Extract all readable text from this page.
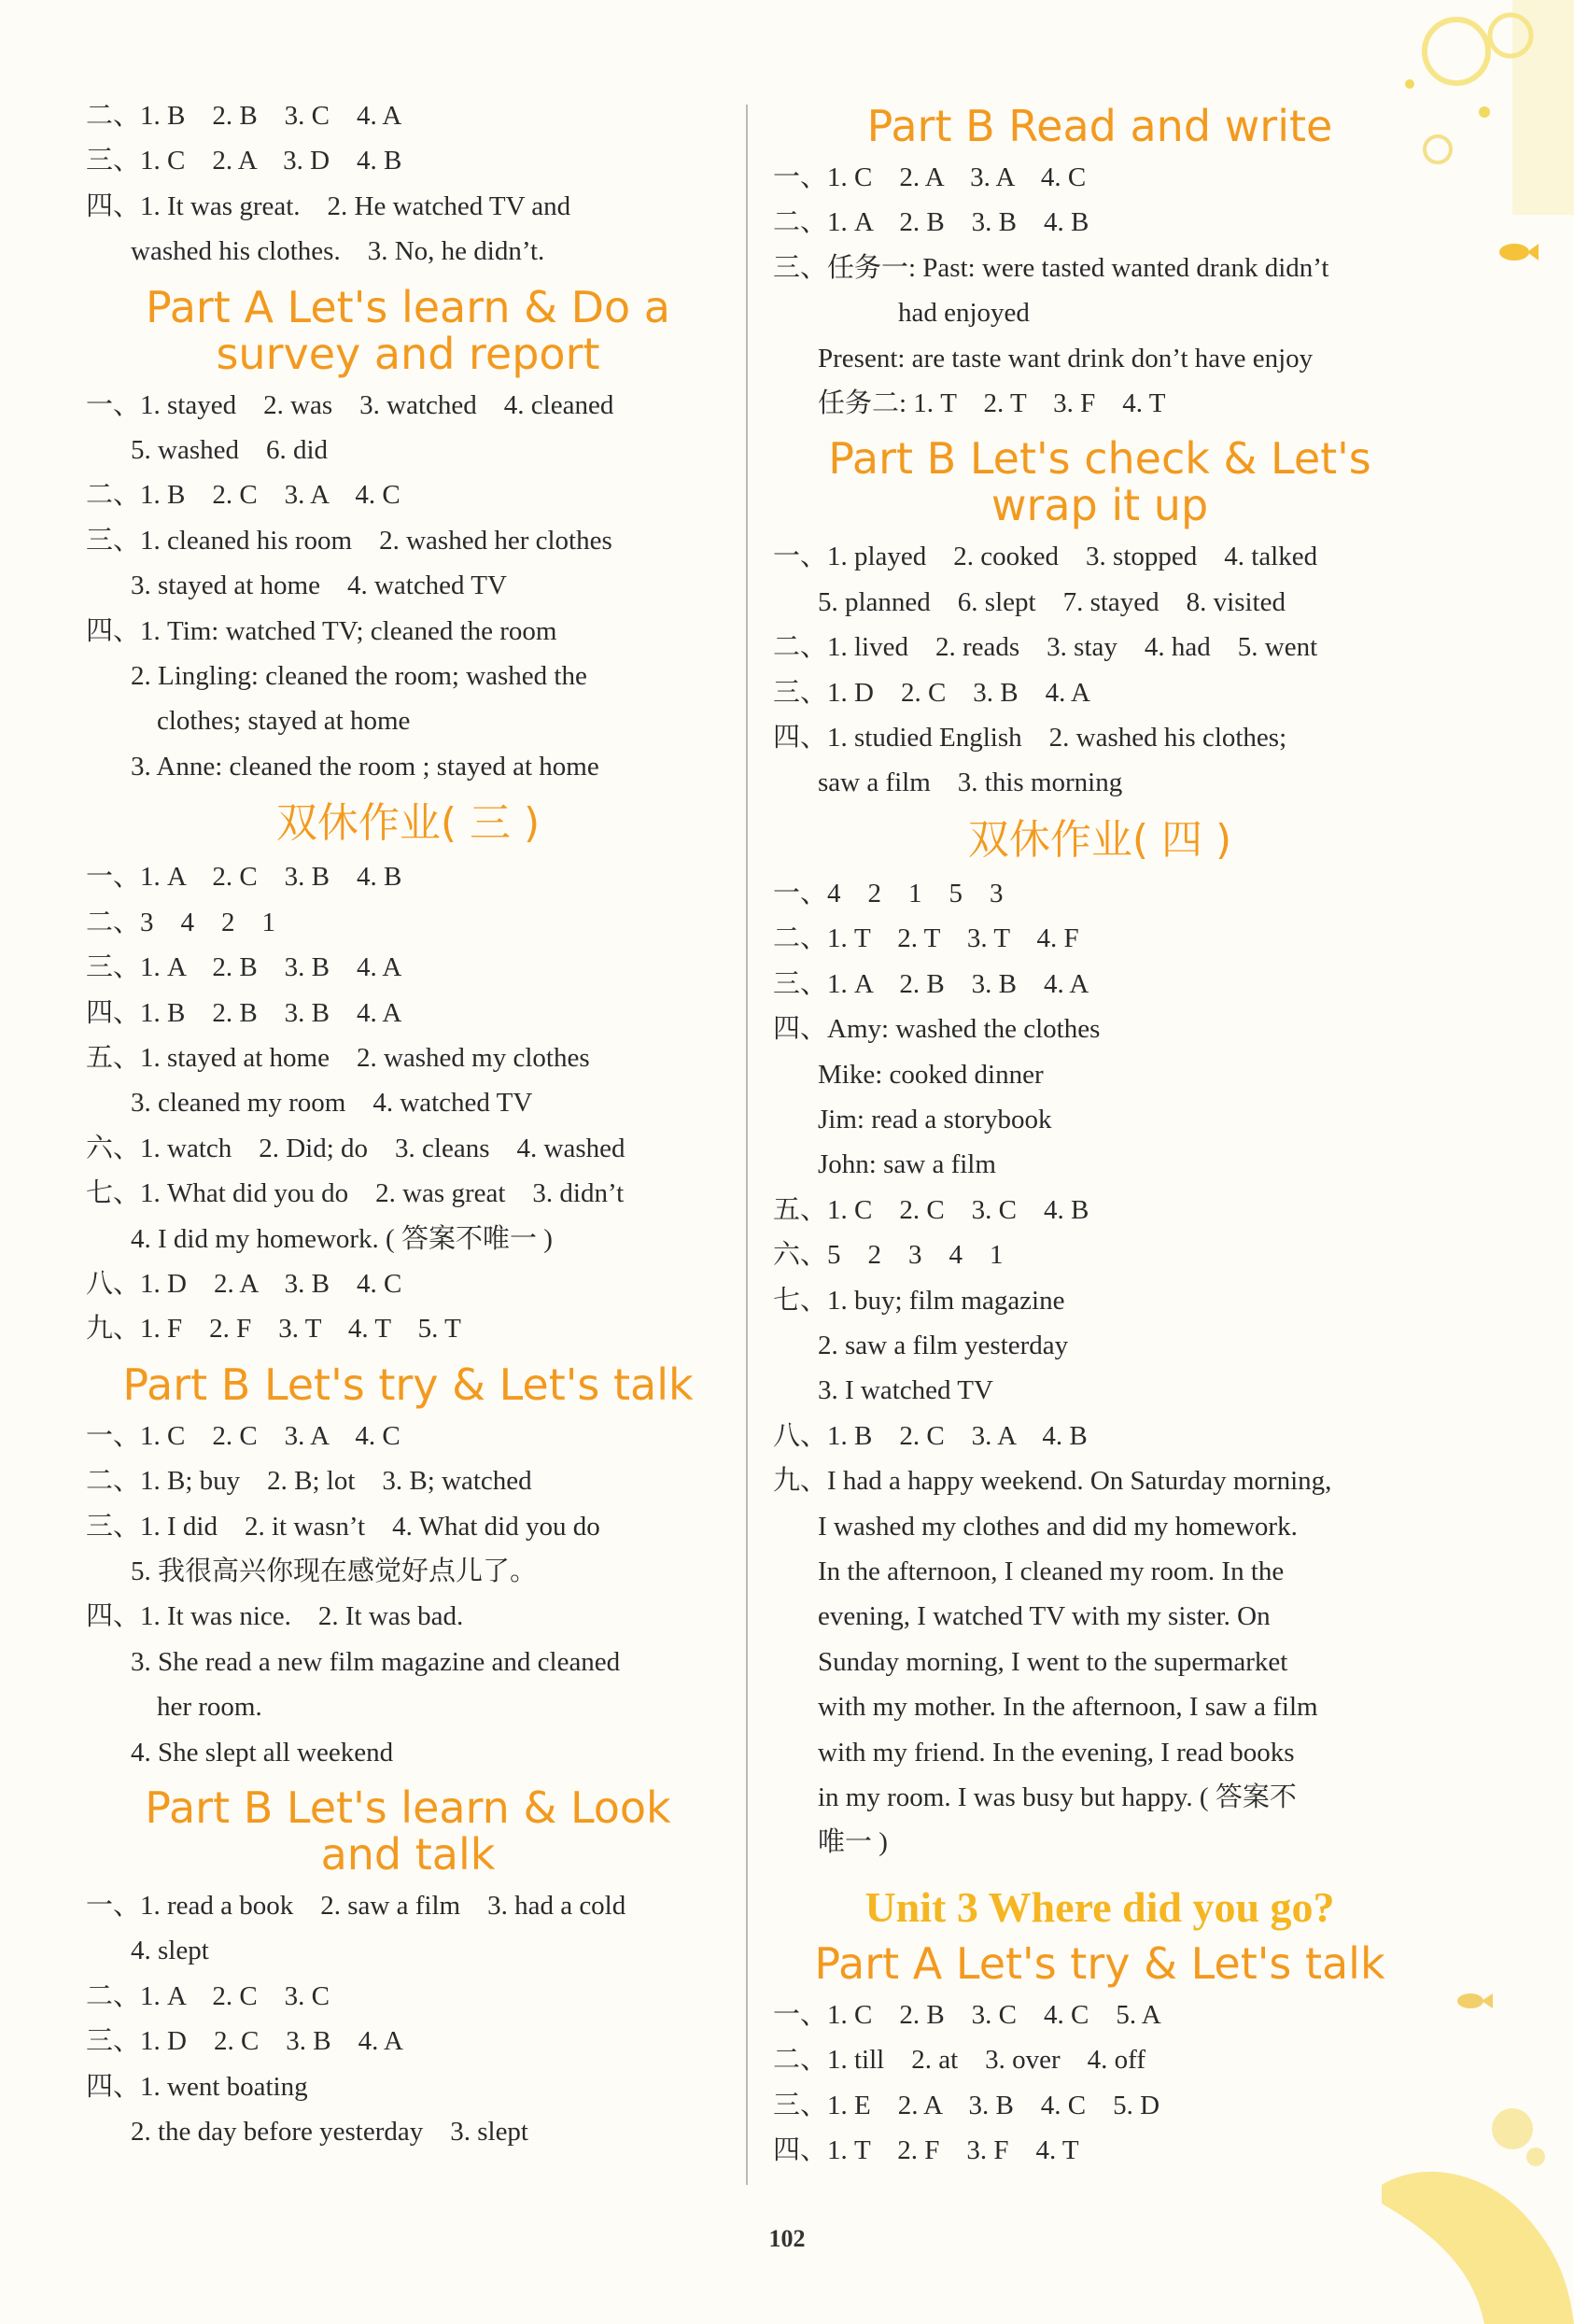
二、1. B　2. B　3. C　4. A
三、1. C　2. A　3. D　4. B
四、1. It was great.　2. He watched TV and
washed his clothes.　3. No, he didn’t.
Part A Let's learn & Do a
survey and report
一、1. stayed　2. was　3. watched　4. cleaned
5. washed　6. did
二、1. B　2. C　3. A　4. C
三、1. cleaned his room　2. washed her clothes
3. stayed at home　4. watched TV
四、1. Tim: watched TV; cleaned the room
2. Lingling: cleaned the room; washed the
clothes; stayed at home
3. Anne: cleaned the room ; stayed at home
双休作业( 三 )
一、1. A　2. C　3. B　4. B
二、3　4　2　1
三、1. A　2. B　3. B　4. A
四、1. B　2. B　3. B　4. A
五、1. stayed at home　2. washed my clothes
3. cleaned my room　4. watched TV
六、1. watch　2. Did; do　3. cleans　4. washed
七、1. What did you do　2. was great　3. didn’t
4. I did my homework. ( 答案不唯一 )
八、1. D　2. A　3. B　4. C
九、1. F　2. F　3. T　4. T　5. T
Part B Let's try & Let's talk
一、1. C　2. C　3. A　4. C
二、1. B; buy　2. B; lot　3. B; watched
三、1. I did　2. it wasn’t　4. What did you do
5. 我很高兴你现在感觉好点儿了。
四、1. It was nice.　2. It was bad.
3. She read a new film magazine and cleaned
her room.
4. She slept all weekend
Part B Let's learn & Look
and talk
一、1. read a book　2. saw a film　3. had a cold
4. slept
二、1. A　2. C　3. C
三、1. D　2. C　3. B　4. A
四、1. went boating
2. the day before yesterday　3. slept
Part B Read and write
一、1. C　2. A　3. A　4. C
二、1. A　2. B　3. B　4. B
三、任务一: Past: were tasted wanted drank didn’t
had enjoyed
Present: are taste want drink don’t have enjoy
任务二: 1. T　2. T　3. F　4. T
Part B Let's check & Let's
wrap it up
一、1. played　2. cooked　3. stopped　4. talked
5. planned　6. slept　7. stayed　8. visited
二、1. lived　2. reads　3. stay　4. had　5. went
三、1. D　2. C　3. B　4. A
四、1. studied English　2. washed his clothes;
saw a film　3. this morning
双休作业( 四 )
一、4　2　1　5　3
二、1. T　2. T　3. T　4. F
三、1. A　2. B　3. B　4. A
四、Amy: washed the clothes
Mike: cooked dinner
Jim: read a storybook
John: saw a film
五、1. C　2. C　3. C　4. B
六、5　2　3　4　1
七、1. buy; film magazine
2. saw a film yesterday
3. I watched TV
八、1. B　2. C　3. A　4. B
九、I had a happy weekend. On Saturday morning,
I washed my clothes and did my homework.
In the afternoon, I cleaned my room. In the
evening, I watched TV with my sister. On
Sunday morning, I went to the supermarket
with my mother. In the afternoon, I saw a film
with my friend. In the evening, I read books
in my room. I was busy but happy. ( 答案不
唯一 )
Unit 3 Where did you go?
Part A Let's try & Let's talk
一、1. C　2. B　3. C　4. C　5. A
二、1. till　2. at　3. over　4. off
三、1. E　2. A　3. B　4. C　5. D
四、1. T　2. F　3. F　4. T
102
